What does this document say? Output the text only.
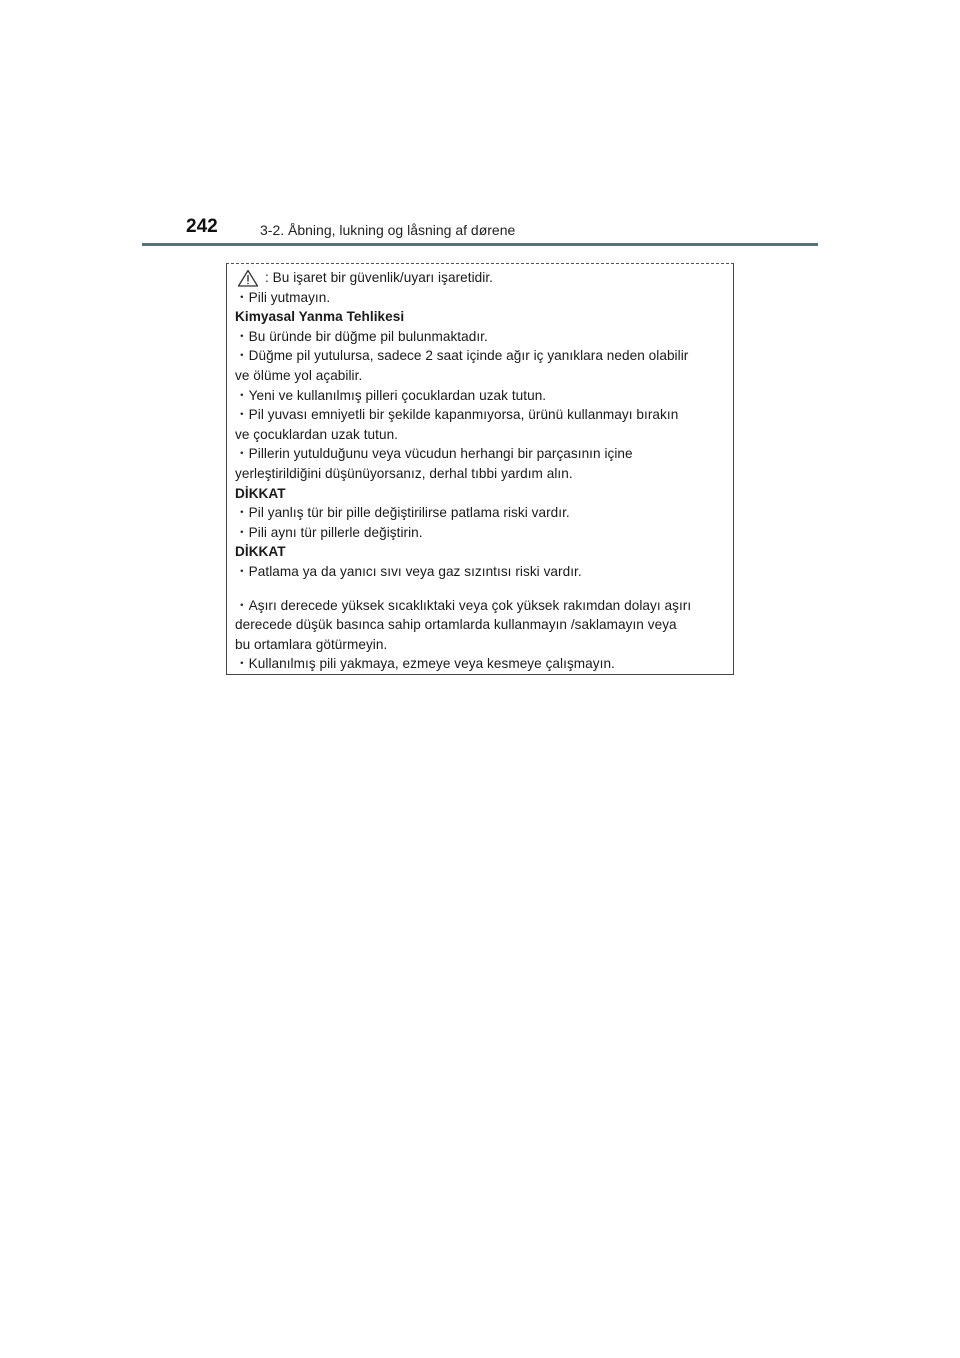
242	3-2. Åbning, lukning og låsning af dørene
: Bu işaret bir güvenlik/uyarı işaretidir.
・Pili yutmayın.
Kimyasal Yanma Tehlikesi
・Bu üründe bir düğme pil bulunmaktadır.
・Düğme pil yutulursa, sadece 2 saat içinde ağır iç yanıklara neden olabilir
ve ölüme yol açabilir.
・Yeni ve kullanılmış pilleri çocuklardan uzak tutun.
・Pil yuvası emniyetli bir şekilde kapanmıyorsa, ürünü kullanmayı bırakın
ve çocuklardan uzak tutun.
・Pillerin yutulduğunu veya vücudun herhangi bir parçasının içine
yerleştirildiğini düşünüyorsanız, derhal tıbbi yardım alın.
DİKKAT
・Pil yanlış tür bir pille değiştirilirse patlama riski vardır.
・Pili aynı tür pillerle değiştirin.
DİKKAT
・Patlama ya da yanıcı sıvı veya gaz sızıntısı riski vardır.
・Aşırı derecede yüksek sıcaklıktaki veya çok yüksek rakımdan dolayı aşırı
derecede düşük basınca sahip ortamlarda kullanmayın /saklamayın veya
bu ortamlara götürmeyin.
・Kullanılmış pili yakmaya, ezmeye veya kesmeye çalışmayın.
